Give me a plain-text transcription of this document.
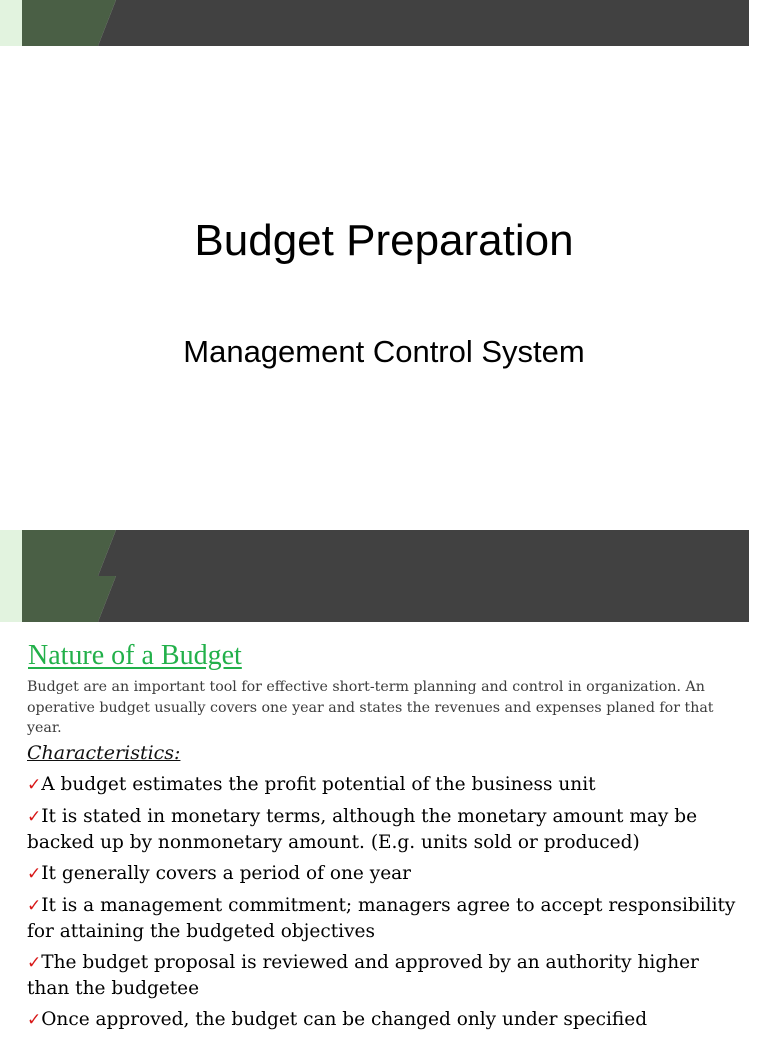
Budget Preparation
Management Control System
Nature of a Budget

Budget are an important tool for effective short-term planning and control in organization. An operative budget usually covers one year and states the revenues and expenses planed for that year.

Characteristics:

✓A budget estimates the profit potential of the business unit
✓It is stated in monetary terms, although the monetary amount may be backed up by nonmonetary amount. (E.g. units sold or produced)
✓It generally covers a period of one year
✓It is a management commitment; managers agree to accept responsibility for attaining the budgeted objectives
✓The budget proposal is reviewed and approved by an authority higher than the budgetee
✓Once approved, the budget can be changed only under specified
